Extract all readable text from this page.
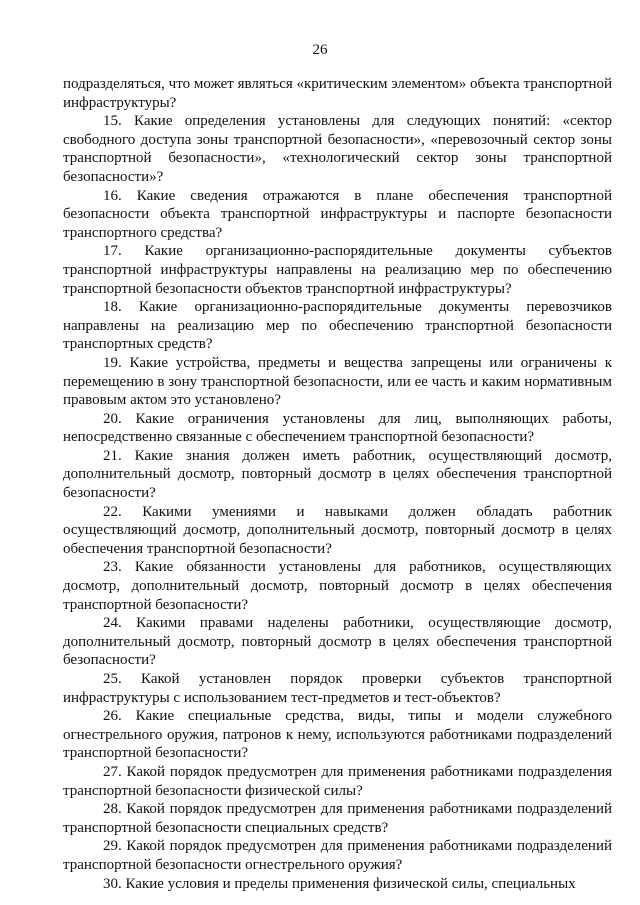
26

подразделяться, что может являться «критическим элементом» объекта транспортной инфраструктуры?

15. Какие определения установлены для следующих понятий: «сектор свободного доступа зоны транспортной безопасности», «перевозочный сектор зоны транспортной безопасности», «технологический сектор зоны транспортной безопасности»?

16. Какие сведения отражаются в плане обеспечения транспортной безопасности объекта транспортной инфраструктуры и паспорте безопасности транспортного средства?

17. Какие организационно-распорядительные документы субъектов транспортной инфраструктуры направлены на реализацию мер по обеспечению транспортной безопасности объектов транспортной инфраструктуры?

18. Какие организационно-распорядительные документы перевозчиков направлены на реализацию мер по обеспечению транспортной безопасности транспортных средств?

19. Какие устройства, предметы и вещества запрещены или ограничены к перемещению в зону транспортной безопасности, или ее часть и каким нормативным правовым актом это установлено?

20. Какие ограничения установлены для лиц, выполняющих работы, непосредственно связанные с обеспечением транспортной безопасности?

21. Какие знания должен иметь работник, осуществляющий досмотр, дополнительный досмотр, повторный досмотр в целях обеспечения транспортной безопасности?

22. Какими умениями и навыками должен обладать работник осуществляющий досмотр, дополнительный досмотр, повторный досмотр в целях обеспечения транспортной безопасности?

23. Какие обязанности установлены для работников, осуществляющих досмотр, дополнительный досмотр, повторный досмотр в целях обеспечения транспортной безопасности?

24. Какими правами наделены работники, осуществляющие досмотр, дополнительный досмотр, повторный досмотр в целях обеспечения транспортной безопасности?

25. Какой установлен порядок проверки субъектов транспортной инфраструктуры с использованием тест-предметов и тест-объектов?

26. Какие специальные средства, виды, типы и модели служебного огнестрельного оружия, патронов к нему, используются работниками подразделений транспортной безопасности?

27. Какой порядок предусмотрен для применения работниками подразделения транспортной безопасности физической силы?

28. Какой порядок предусмотрен для применения работниками подразделений транспортной безопасности специальных средств?

29. Какой порядок предусмотрен для применения работниками подразделений транспортной безопасности огнестрельного оружия?

30. Какие условия и пределы применения физической силы, специальных
